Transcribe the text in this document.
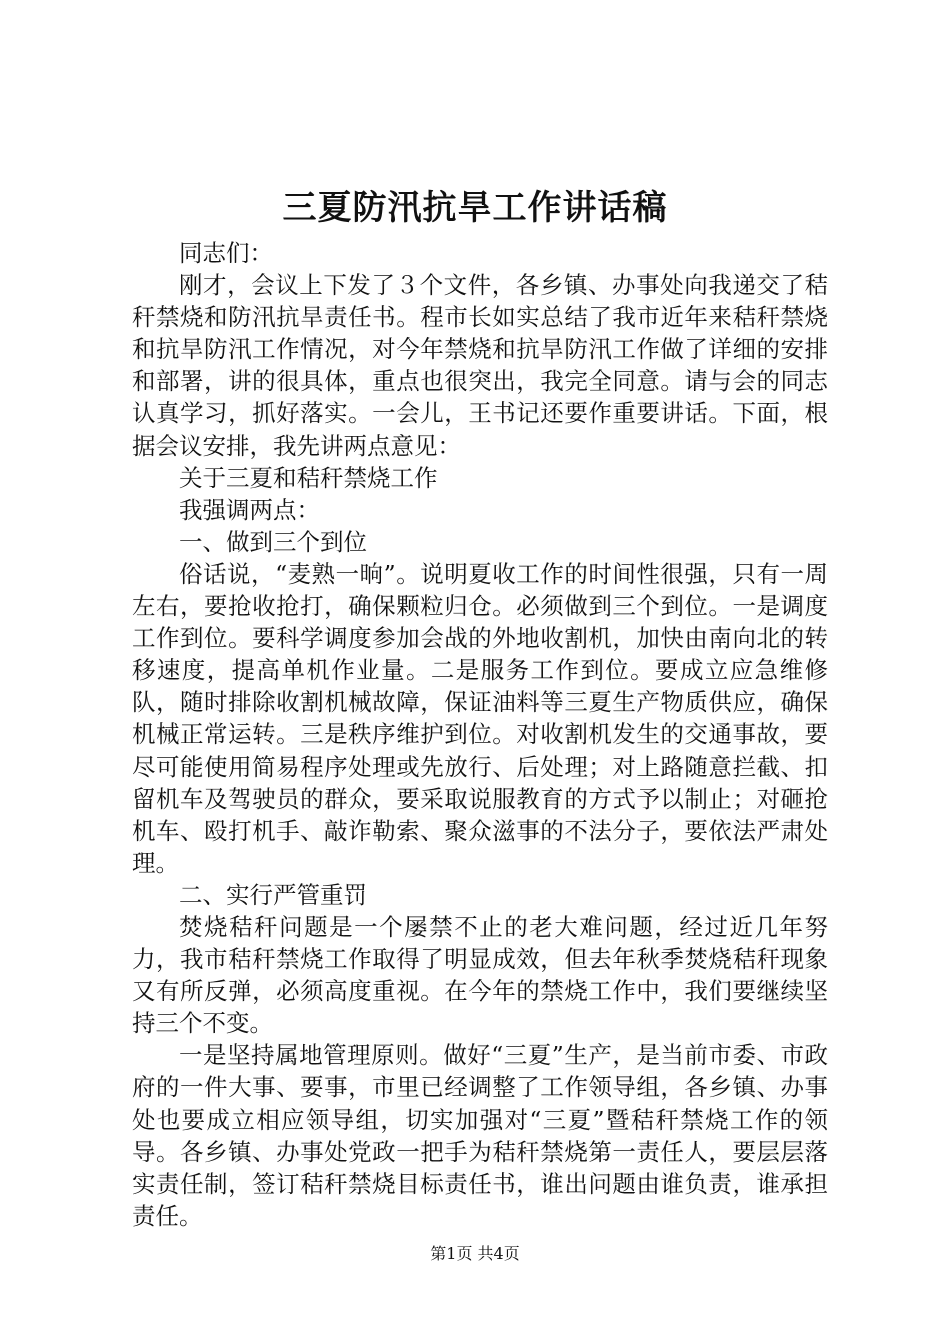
三夏防汛抗旱工作讲话稿

同志们：

刚才，会议上下发了３个文件，各乡镇、办事处向我递交了秸秆禁烧和防汛抗旱责任书。程市长如实总结了我市近年来秸秆禁烧和抗旱防汛工作情况，对今年禁烧和抗旱防汛工作做了详细的安排和部署，讲的很具体，重点也很突出，我完全同意。请与会的同志认真学习，抓好落实。一会儿，王书记还要作重要讲话。下面，根据会议安排，我先讲两点意见：

关于三夏和秸秆禁烧工作

我强调两点：

一、做到三个到位

俗话说，“麦熟一晌”。说明夏收工作的时间性很强，只有一周左右，要抢收抢打，确保颗粒归仓。必须做到三个到位。一是调度工作到位。要科学调度参加会战的外地收割机，加快由南向北的转移速度，提高单机作业量。二是服务工作到位。要成立应急维修队，随时排除收割机械故障，保证油料等三夏生产物质供应，确保机械正常运转。三是秩序维护到位。对收割机发生的交通事故，要尽可能使用简易程序处理或先放行、后处理；对上路随意拦截、扣留机车及驾驶员的群众，要采取说服教育的方式予以制止；对砸抢机车、殴打机手、敲诈勒索、聚众滋事的不法分子，要依法严肃处理。

二、实行严管重罚

焚烧秸秆问题是一个屡禁不止的老大难问题，经过近几年努力，我市秸秆禁烧工作取得了明显成效，但去年秋季焚烧秸秆现象又有所反弹，必须高度重视。在今年的禁烧工作中，我们要继续坚持三个不变。

一是坚持属地管理原则。做好“三夏”生产，是当前市委、市政府的一件大事、要事，市里已经调整了工作领导组，各乡镇、办事处也要成立相应领导组，切实加强对“三夏”暨秸秆禁烧工作的领导。各乡镇、办事处党政一把手为秸秆禁烧第一责任人，要层层落实责任制，签订秸秆禁烧目标责任书，谁出问题由谁负责，谁承担责任。

第1页 共4页
